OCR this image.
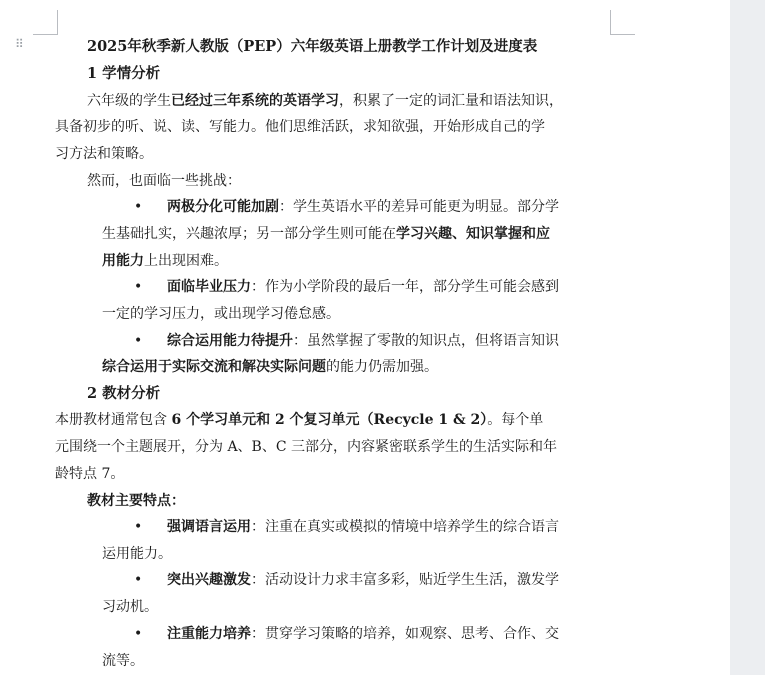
⠿	2025年秋季新人教版（PEP）六年级英语上册教学工作计划及进度表
1 学情分析
六年级的学生已经过三年系统的英语学习，积累了一定的词汇量和语法知识，
具备初步的听、说、读、写能力。他们思维活跃，求知欲强，开始形成自己的学
习方法和策略。
然而，也面临一些挑战：
• 两极分化可能加剧：学生英语水平的差异可能更为明显。部分学
生基础扎实，兴趣浓厚；另一部分学生则可能在学习兴趣、知识掌握和应
用能力上出现困难。
• 面临毕业压力：作为小学阶段的最后一年，部分学生可能会感到
一定的学习压力，或出现学习倦怠感。
• 综合运用能力待提升：虽然掌握了零散的知识点，但将语言知识
综合运用于实际交流和解决实际问题的能力仍需加强。
2 教材分析
本册教材通常包含 6 个学习单元和 2 个复习单元（Recycle 1 & 2）。每个单
元围绕一个主题展开，分为 A、B、C 三部分，内容紧密联系学生的生活实际和年
龄特点 7。
教材主要特点：
• 强调语言运用：注重在真实或模拟的情境中培养学生的综合语言
运用能力。
• 突出兴趣激发：活动设计力求丰富多彩，贴近学生生活，激发学
习动机。
• 注重能力培养：贯穿学习策略的培养，如观察、思考、合作、交
流等。
